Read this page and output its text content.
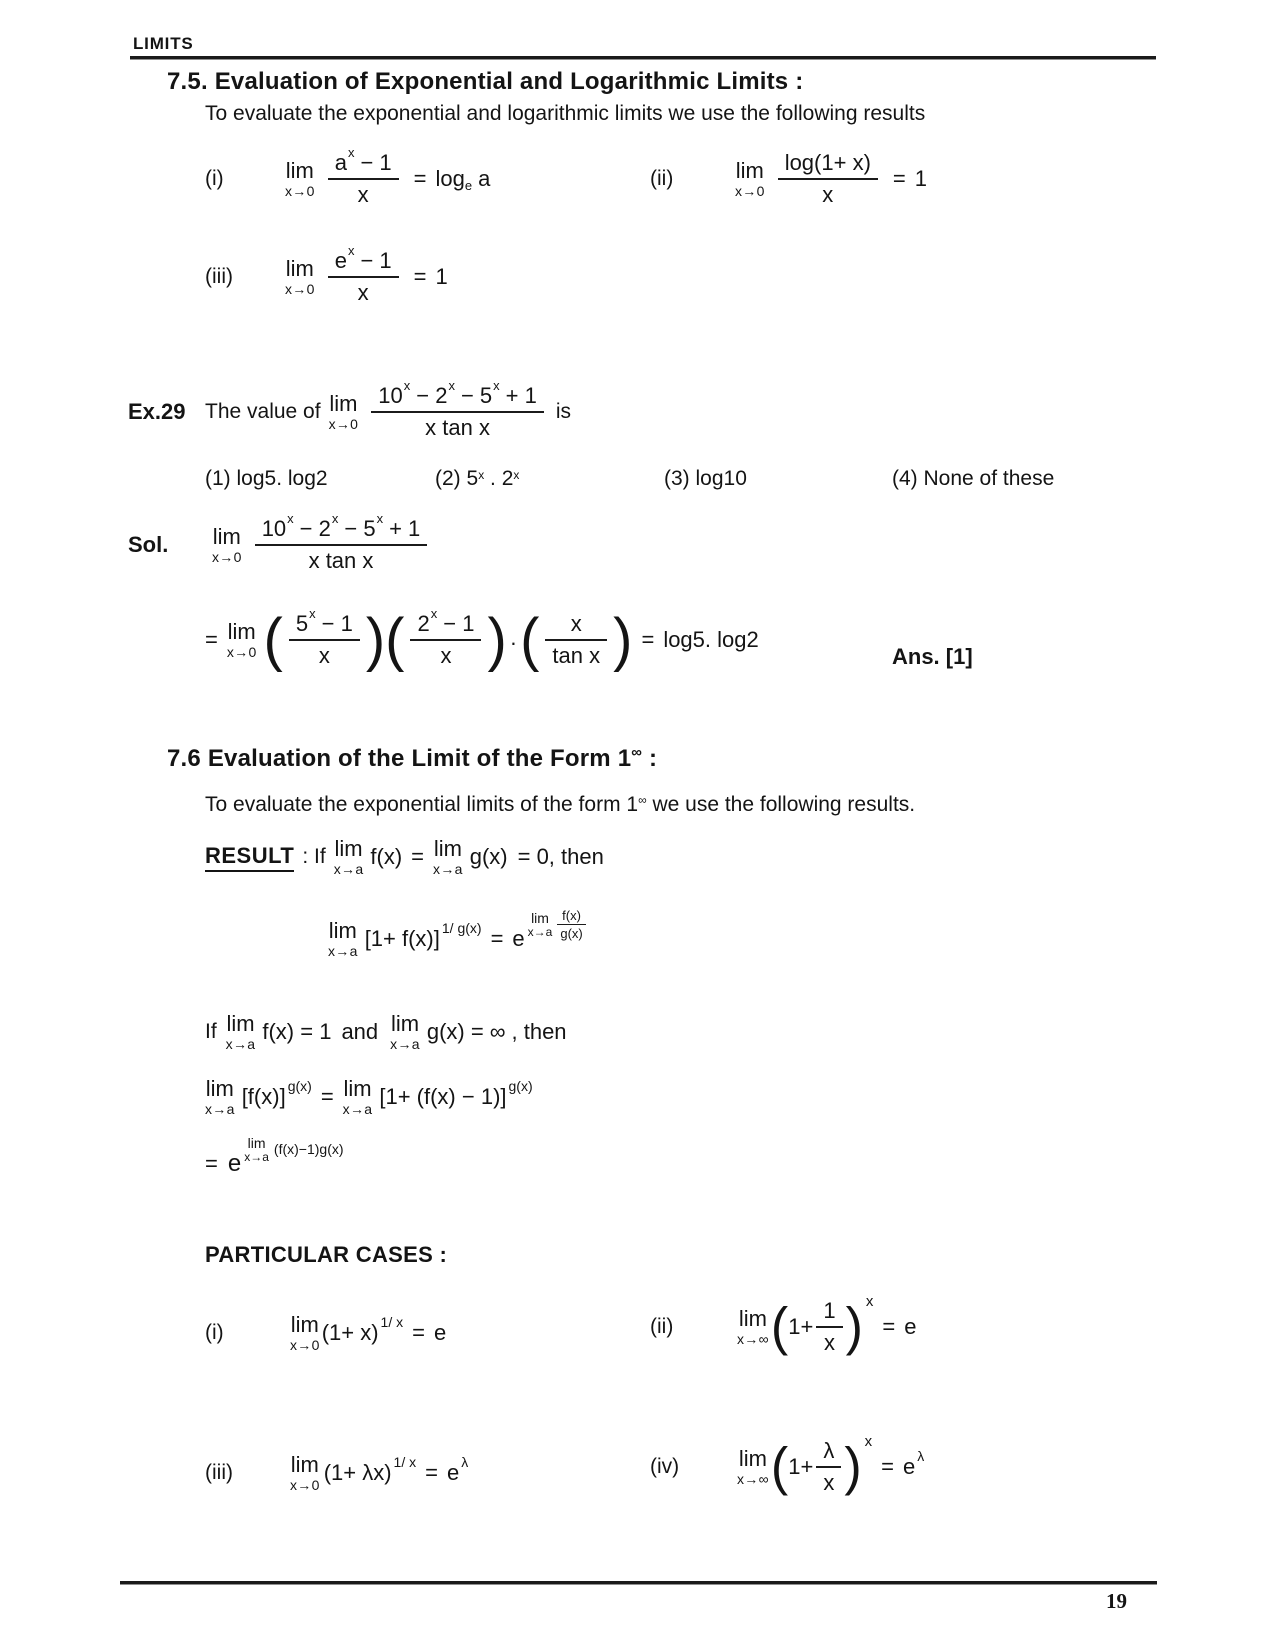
LIMITS
7.5. Evaluation of Exponential and Logarithmic Limits :
To evaluate the exponential and logarithmic limits we use the following results
(i)	lim
$x\to 0 \frac{\text{a x − 1}}{x} = \log e$ a	(ii)	lim
$x\to 0 \frac{\log(1+ x)}{x} = 1$
(iii)	lim
$x\to 0 \frac{\text{e x − 1}}{x} = 1$
Ex.29 The value of lim
$x\to 0 \frac{10 x - 2 x - 5 x + 1}{\text{x tan x}}$ is
(1) log5. log2	(2) 5$^x$ . 2$^x$	(3) log10	(4) None of these
Sol.	lim
$x\to 0 \frac{10 x - 2 x - 5 x + 1}{\text{x tan x}}$
= lim
x→0 ( $\frac{5 x - 1}{x}$ ) ( $\frac{2 x - 1}{x}$ ) · ( $\frac{x}{\text{tan x}}$ ) = log5. log2
Ans. [1]
7.6 Evaluation of the Limit of the Form 1∞ :
To evaluate the exponential limits of the form 1∞ we use the following results.
RESULT : If lim
x→a f(x) = lim
x→a g(x) = 0, then
lim
x→a [1+ f(x)] 1/ g(x) = e
lim
$x\to a \frac{f(x)}{g(x)}$
If lim
x→a f(x) = 1 and lim
x→a g(x) = ∞ , then
lim
x→a [f(x)] g(x) = lim
x→a [1+ (f(x) − 1)] g(x)
= e
lim
x→a (f(x)−1)g(x)
PARTICULAR CASES :
(i)	lim
x→0 (1+ x) 1/ x = e	(ii)	lim
x→∞ ( $1+ \frac{1}{x}$ ) x
= e
(iii)	lim
x→0 (1+ λx) 1/ x = e λ	(iv)	lim
x→∞ ( $1+ \frac{\lambda}{x}$ ) x
= e λ
19
